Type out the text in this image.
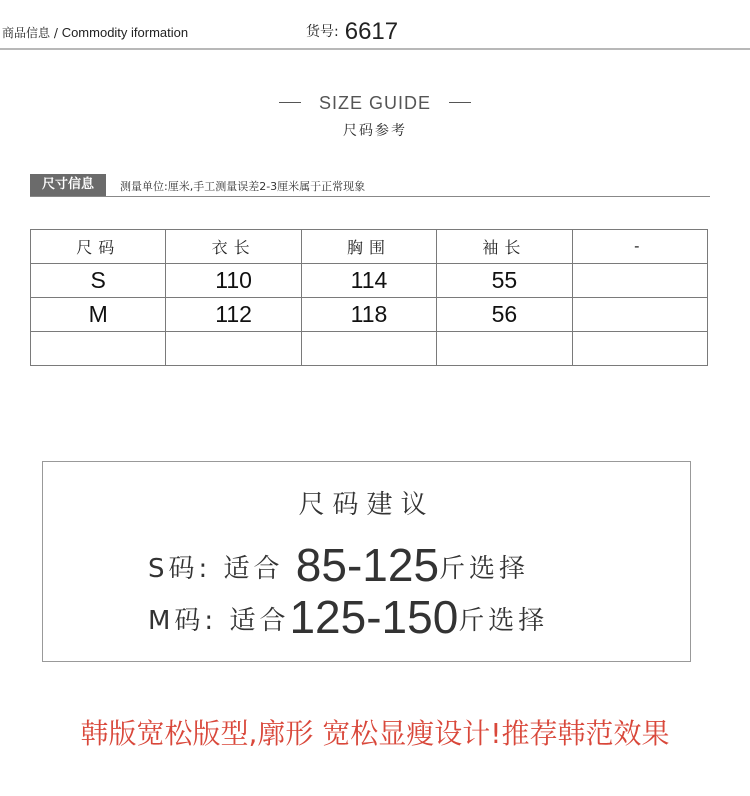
商品信息 / Commodity iformation	货号: 6617
SIZE GUIDE
尺码参考
尺寸信息	测量单位:厘米,手工测量误差2-3厘米属于正常现象
尺码	衣长	胸围	袖长	-
S	110	114	55	
M	112	118	56	

尺码建议
S码: 适合 85-125斤选择
M码: 适合125-150斤选择
韩版宽松版型,廓形 宽松显瘦设计!推荐韩范效果
